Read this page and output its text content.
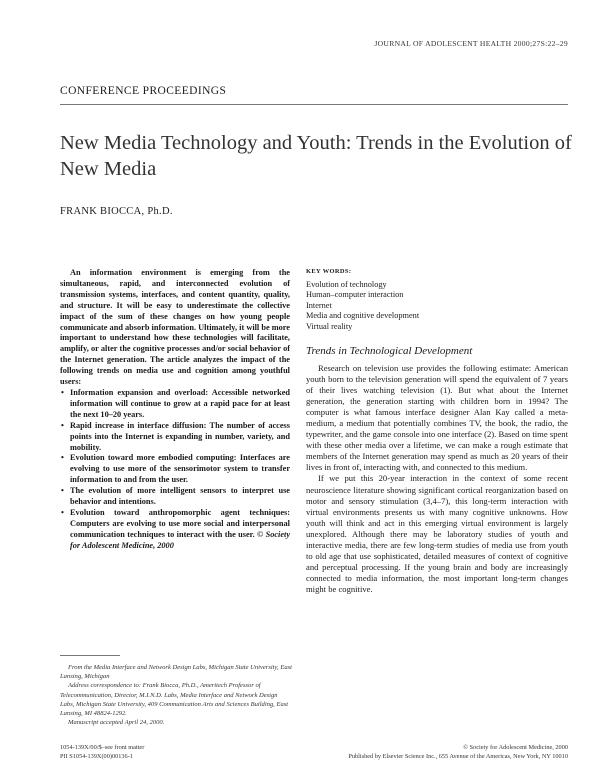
JOURNAL OF ADOLESCENT HEALTH 2000;27S:22–29
CONFERENCE PROCEEDINGS
New Media Technology and Youth: Trends in the Evolution of New Media
FRANK BIOCCA, Ph.D.

An information environment is emerging from the simultaneous, rapid, and interconnected evolution of transmission systems, interfaces, and content quantity, quality, and structure. It will be easy to underestimate the collective impact of the sum of these changes on how young people communicate and absorb information. Ultimately, it will be more important to understand how these technologies will facilitate, amplify, or alter the cognitive processes and/or social behavior of the Internet generation. The article analyzes the impact of the following trends on media use and cognition among youthful users:

• Information expansion and overload: Accessible networked information will continue to grow at a rapid pace for at least the next 10–20 years.
• Rapid increase in interface diffusion: The number of access points into the Internet is expanding in number, variety, and mobility.
• Evolution toward more embodied computing: Interfaces are evolving to use more of the sensorimotor system to transfer information to and from the user.
• The evolution of more intelligent sensors to interpret use behavior and intentions.
• Evolution toward anthropomorphic agent techniques: Computers are evolving to use more social and interpersonal communication techniques to interact with the user. © Society for Adolescent Medicine, 2000
KEY WORDS:
Evolution of technology
Human–computer interaction
Internet
Media and cognitive development
Virtual reality
Trends in Technological Development

Research on television use provides the following estimate: American youth born to the television generation will spend the equivalent of 7 years of their lives watching television (1). But what about the Internet generation, the generation starting with children born in 1994? The computer is what famous interface designer Alan Kay called a meta-medium, a medium that potentially combines TV, the book, the radio, the typewriter, and the game console into one interface (2). Based on time spent with these other media over a lifetime, we can make a rough estimate that members of the Internet generation may spend as much as 20 years of their lives in front of, interacting with, and connected to this medium.

If we put this 20-year interaction in the context of some recent neuroscience literature showing significant cortical reorganization based on motor and sensory stimulation (3,4–7), this long-term interaction with virtual environments presents us with many cognitive unknowns. How youth will think and act in this emerging virtual environment is largely unexplored. Although there may be laboratory studies of youth and interactive media, there are few long-term studies of media use from youth to old age that use sophisticated, detailed measures of context of cognitive and perceptual processing. If the young brain and body are increasingly connected to media information, the most important long-term changes might be cognitive.

From the Media Interface and Network Design Labs, Michigan State University, East Lansing, Michigan

Address correspondence to: Frank Biocca, Ph.D., Ameritech Professor of Telecommunication, Director, M.I.N.D. Labs, Media Interface and Network Design Labs, Michigan State University, 409 Communication Arts and Sciences Building, East Lansing, MI 48824-1292.

Manuscript accepted April 24, 2000.

1054-139X/00/$–see front matter
PII S1054-139X(00)00136-1
© Society for Adolescent Medicine, 2000
Published by Elsevier Science Inc., 655 Avenue of the Americas, New York, NY 10010
